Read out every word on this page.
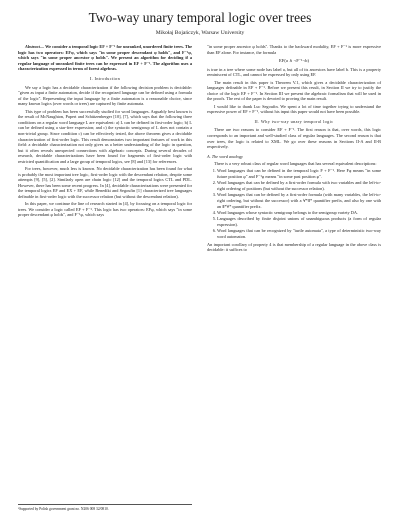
Two-way unary temporal logic over trees
Mikołaj Bojańczyk, Warsaw University

Abstract— We consider a temporal logic EF + F⁻¹ for unranked, unordered finite trees. The logic has two operators: EFφ, which says "in some proper descendant φ holds", and F⁻¹φ, which says "in some proper ancestor φ holds". We present an algorithm for deciding if a regular language of unranked finite trees can be expressed in EF + F⁻¹. The algorithm uses a characterization expressed in terms of forest algebras.

I. Introduction

We say a logic has a decidable characterization if the following decision problem is decidable: "given as input a finite automaton, decide if the recognized language can be defined using a formula of the logic". Representing the input language by a finite automaton is a reasonable choice, since many known logics (over words or trees) are captured by finite automata.

This type of problem has been successfully studied for word languages. Arguably best known is the result of McNaughton, Papert and Schützenberger [10], [7], which says that the following three conditions on a regular word language L are equivalent: a) L can be defined in first-order logic; b) L can be defined using a star-free expression; and c) the syntactic semigroup of L does not contain a non-trivial group. Since condition c) can be effectively tested, the above theorem gives a decidable characterization of first-order logic. This result demonstrates two important features of work in this field: a decidable characterization not only gives us a better understanding of the logic in question, but it often reveals unexpected connections with algebraic concepts. During several decades of research, decidable characterizations have been found for fragments of first-order logic with restricted quantification and a large group of temporal logics, see [8] and [13] for references.

For trees, however, much less is known. No decidable characterization has been found for what is probably the most important tree logic, first-order logic with the descendant relation, despite some attempts [9], [5], [2]. Similarly open are chain logic [12] and the temporal logics CTL and PDL. However, there has been some recent progress. In [4], decidable characterizations were presented for the temporal logics EF and EX + EF, while Benedikt and Segoufin [1] characterized tree languages definable in first-order logic with the successor relation (but without the descendant relation).

In this paper, we continue the line of research started in [4], by focusing on a temporal logic for trees. We consider a logic called EF + F⁻¹. This logic has two operators: EFφ, which says "in some proper descendant φ holds", and F⁻¹φ, which says

¹Supported by Polish government grant no. N206 008 32/0810.

"in some proper ancestor φ holds". Thanks to the backward modality, EF + F⁻¹ is more expressive than EF alone. For instance, the formula

EF(a ∧ ¬F⁻¹¬b)

is true in a tree where some node has label a, but all of its ancestors have label b. This is a property reminiscent of CTL, and cannot be expressed by only using EF.

The main result in this paper is Theorem V.1, which gives a decidable characterization of languages definable in EF + F⁻¹. Before we present this result, in Section II we try to justify the choice of the logic EF + F⁻¹. In Section III we present the algebraic formalism that will be used in the proofs. The rest of the paper is devoted to proving the main result.

I would like to thank Luc Segoufin. We spent a lot of time together trying to understand the expressive power of EF + F⁻¹, without his input this paper would not have been possible.

II. Why two-way unary temporal logic

There are two reasons to consider EF + F⁻¹. The first reason is that, over words, this logic corresponds to an important and well-studied class of regular languages. The second reason is that over trees, the logic is related to XML. We go over these reasons in Sections II-A and II-B respectively.

A. The word analogy

There is a very robust class of regular word languages that has several equivalent descriptions:

1. Word languages that can be defined in the temporal logic F + F⁻¹. Here Fφ means "in some future position φ" and F⁻¹φ means "in some past position φ".
2. Word languages that can be defined by a first-order formula with two variables and the left-to-right ordering of positions (but without the successor relation).
3. Word languages that can be defined by a first-order formula (with many variables, the left-to-right ordering, but without the successor) with a ∀*∃* quantifier prefix, and also by one with an ∃*∀* quantifier prefix.
4. Word languages whose syntactic semigroup belongs to the semigroup variety DA.
5. Languages described by finite disjoint unions of unambiguous products (a form of regular expression).
6. Word languages that can be recognized by "turtle automata", a type of deterministic two-way word automaton.

An important corollary of property 4 is that membership of a regular language in the above class is decidable: it suffices to
